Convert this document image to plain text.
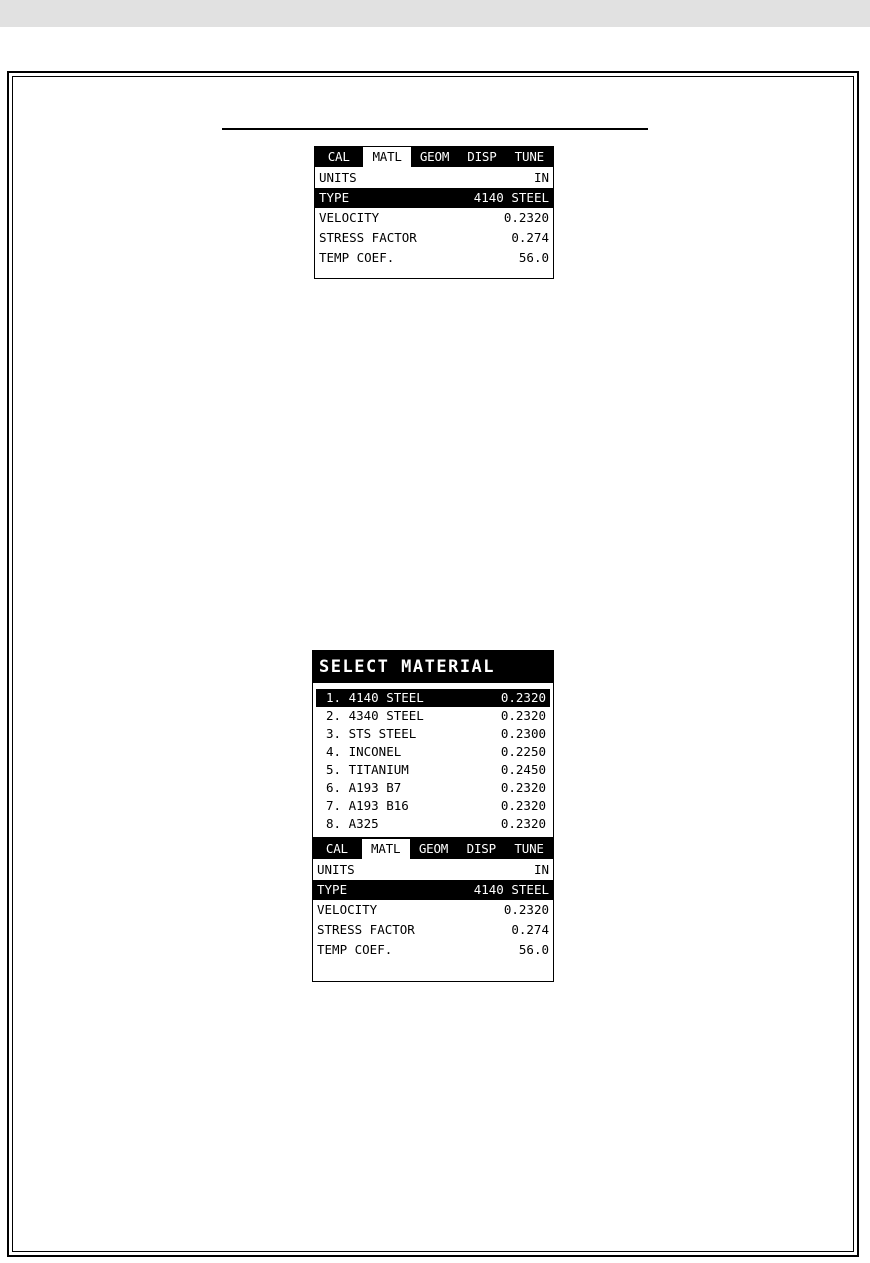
CAL	MATL	GEOM	DISP	TUNE
UNITS	IN
TYPE	4140 STEEL
VELOCITY	0.2320
STRESS FACTOR	0.274
TEMP COEF.	56.0
SELECT MATERIAL
1. 4140 STEEL	0.2320
2. 4340 STEEL	0.2320
3. STS STEEL	0.2300
4. INCONEL	0.2250
5. TITANIUM	0.2450
6. A193 B7	0.2320
7. A193 B16	0.2320
8. A325	0.2320
CAL	MATL	GEOM	DISP	TUNE
UNITS	IN
TYPE	4140 STEEL
VELOCITY	0.2320
STRESS FACTOR	0.274
TEMP COEF.	56.0
